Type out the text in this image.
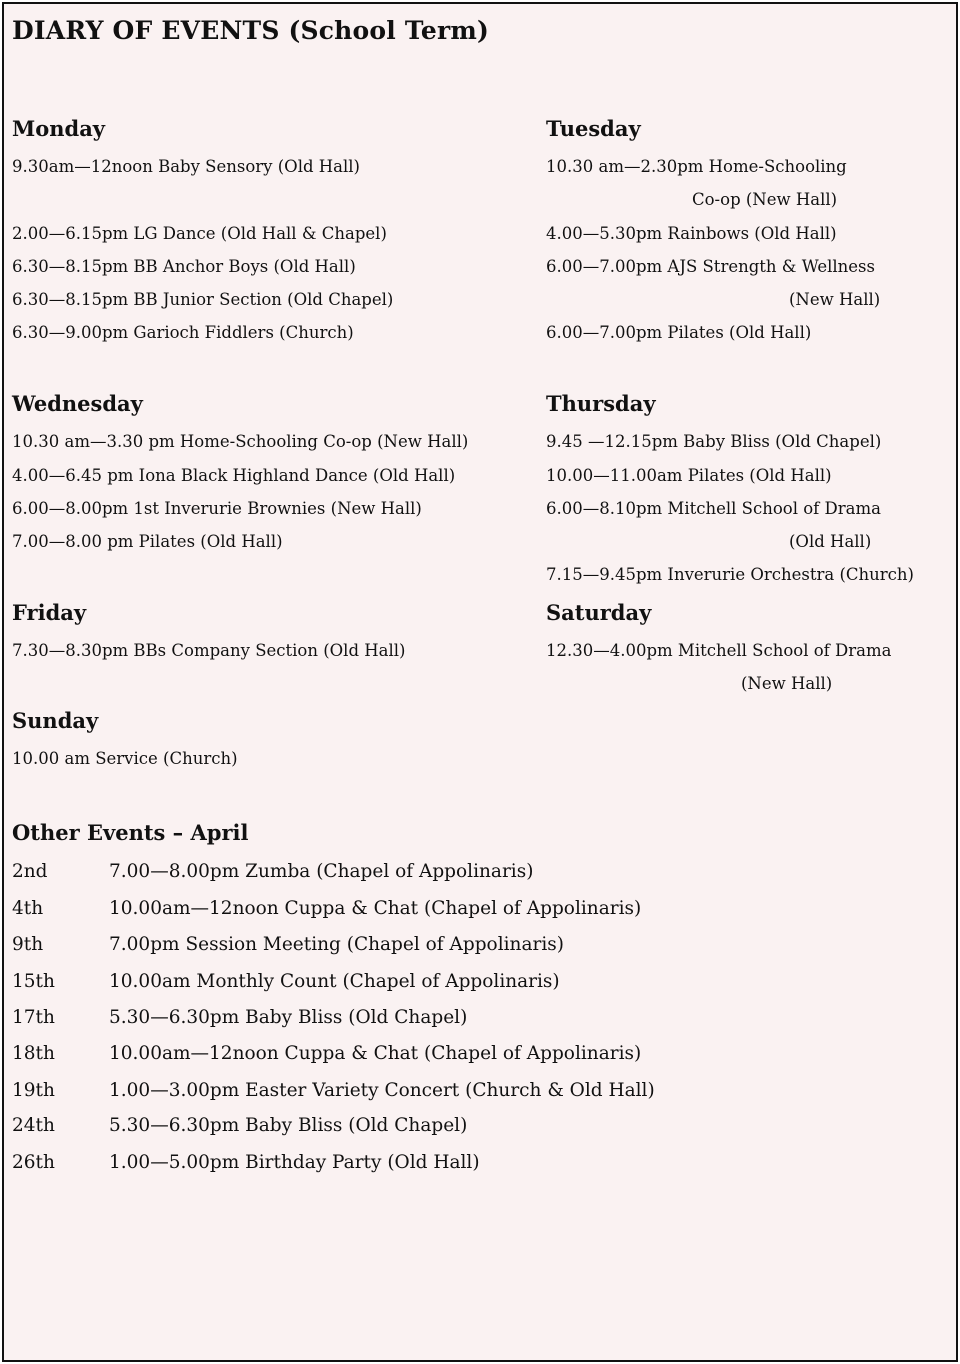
DIARY OF EVENTS (School Term)
Monday
9.30am—12noon Baby Sensory (Old Hall)
2.00—6.15pm LG Dance (Old Hall & Chapel)
6.30—8.15pm BB Anchor Boys (Old Hall)
6.30—8.15pm BB Junior Section (Old Chapel)
6.30—9.00pm Garioch Fiddlers (Church)
Tuesday
10.30 am—2.30pm Home-Schooling
Co-op (New Hall)
4.00—5.30pm Rainbows (Old Hall)
6.00—7.00pm AJS Strength & Wellness
(New Hall)
6.00—7.00pm Pilates (Old Hall)
Wednesday
10.30 am—3.30 pm Home-Schooling Co-op (New Hall)
4.00—6.45 pm Iona Black Highland Dance (Old Hall)
6.00—8.00pm 1st Inverurie Brownies (New Hall)
7.00—8.00 pm Pilates (Old Hall)
Thursday
9.45 —12.15pm Baby Bliss (Old Chapel)
10.00—11.00am Pilates (Old Hall)
6.00—8.10pm Mitchell School of Drama
(Old Hall)
7.15—9.45pm Inverurie Orchestra (Church)
Friday
7.30—8.30pm BBs Company Section (Old Hall)
Saturday
12.30—4.00pm Mitchell School of Drama
(New Hall)
Sunday
10.00 am Service (Church)
Other Events – April
2nd	7.00—8.00pm Zumba (Chapel of Appolinaris)
4th	10.00am—12noon Cuppa & Chat (Chapel of Appolinaris)
9th	7.00pm Session Meeting (Chapel of Appolinaris)
15th	10.00am Monthly Count (Chapel of Appolinaris)
17th	5.30—6.30pm Baby Bliss (Old Chapel)
18th	10.00am—12noon Cuppa & Chat (Chapel of Appolinaris)
19th	1.00—3.00pm Easter Variety Concert (Church & Old Hall)
24th	5.30—6.30pm Baby Bliss (Old Chapel)
26th	1.00—5.00pm Birthday Party (Old Hall)
